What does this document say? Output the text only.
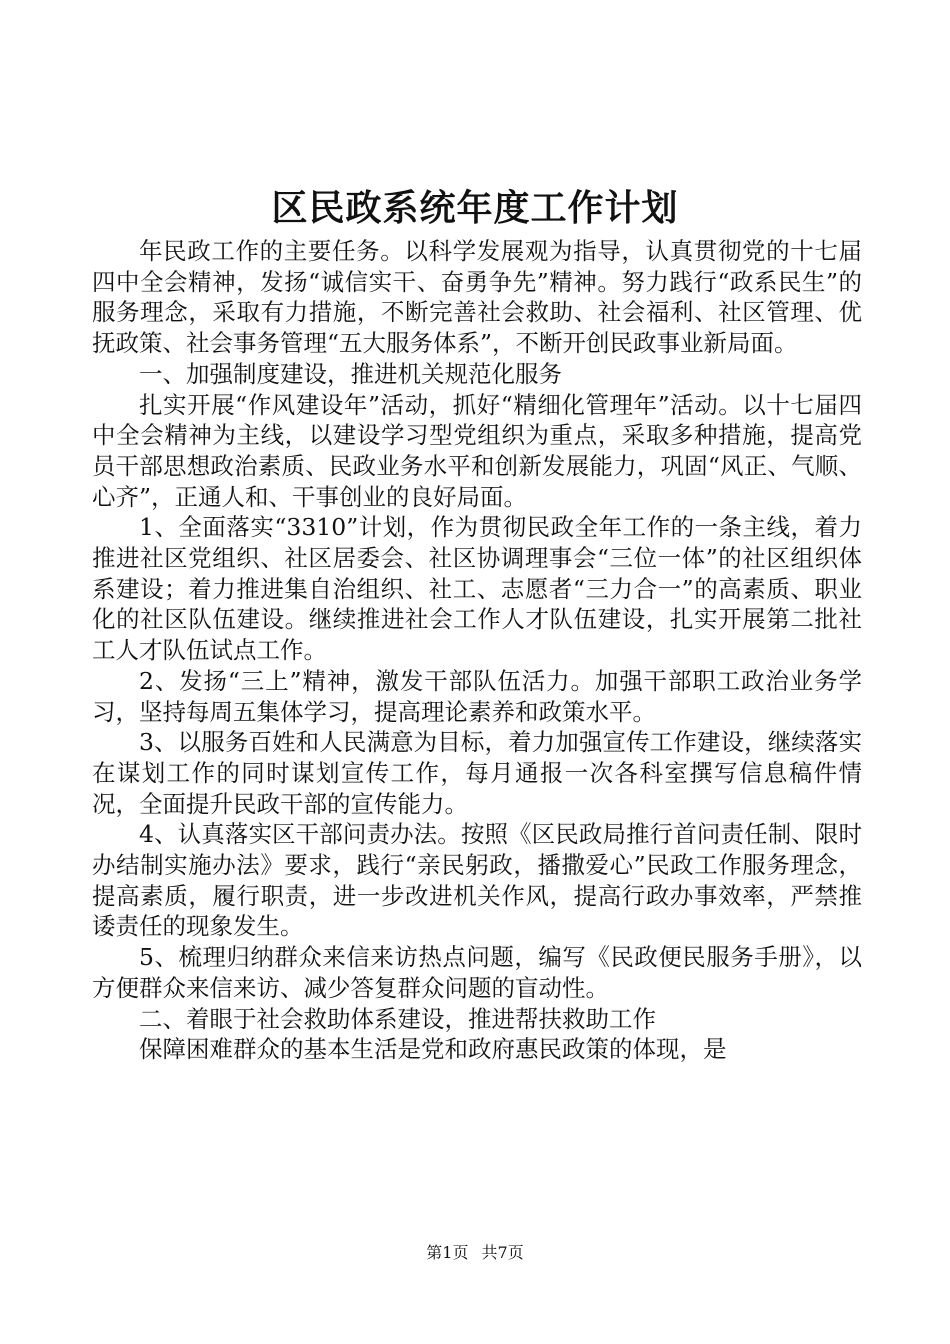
区民政系统年度工作计划

年民政工作的主要任务。以科学发展观为指导，认真贯彻党的十七届四中全会精神，发扬“诚信实干、奋勇争先”精神。努力践行“政系民生”的服务理念，采取有力措施，不断完善社会救助、社会福利、社区管理、优抚政策、社会事务管理“五大服务体系”，不断开创民政事业新局面。

一、加强制度建设，推进机关规范化服务

扎实开展“作风建设年”活动，抓好“精细化管理年”活动。以十七届四中全会精神为主线，以建设学习型党组织为重点，采取多种措施，提高党员干部思想政治素质、民政业务水平和创新发展能力，巩固“风正、气顺、心齐”，正通人和、干事创业的良好局面。

1、全面落实“3310”计划，作为贯彻民政全年工作的一条主线，着力推进社区党组织、社区居委会、社区协调理事会“三位一体”的社区组织体系建设；着力推进集自治组织、社工、志愿者“三力合一”的高素质、职业化的社区队伍建设。继续推进社会工作人才队伍建设，扎实开展第二批社工人才队伍试点工作。

2、发扬“三上”精神，激发干部队伍活力。加强干部职工政治业务学习，坚持每周五集体学习，提高理论素养和政策水平。

3、以服务百姓和人民满意为目标，着力加强宣传工作建设，继续落实在谋划工作的同时谋划宣传工作，每月通报一次各科室撰写信息稿件情况，全面提升民政干部的宣传能力。

4、认真落实区干部问责办法。按照《区民政局推行首问责任制、限时办结制实施办法》要求，践行“亲民躬政，播撒爱心”民政工作服务理念，提高素质，履行职责，进一步改进机关作风，提高行政办事效率，严禁推诿责任的现象发生。

5、梳理归纳群众来信来访热点问题，编写《民政便民服务手册》，以方便群众来信来访、减少答复群众问题的盲动性。

二、着眼于社会救助体系建设，推进帮扶救助工作

保障困难群众的基本生活是党和政府惠民政策的体现，是

第1页 共7页
